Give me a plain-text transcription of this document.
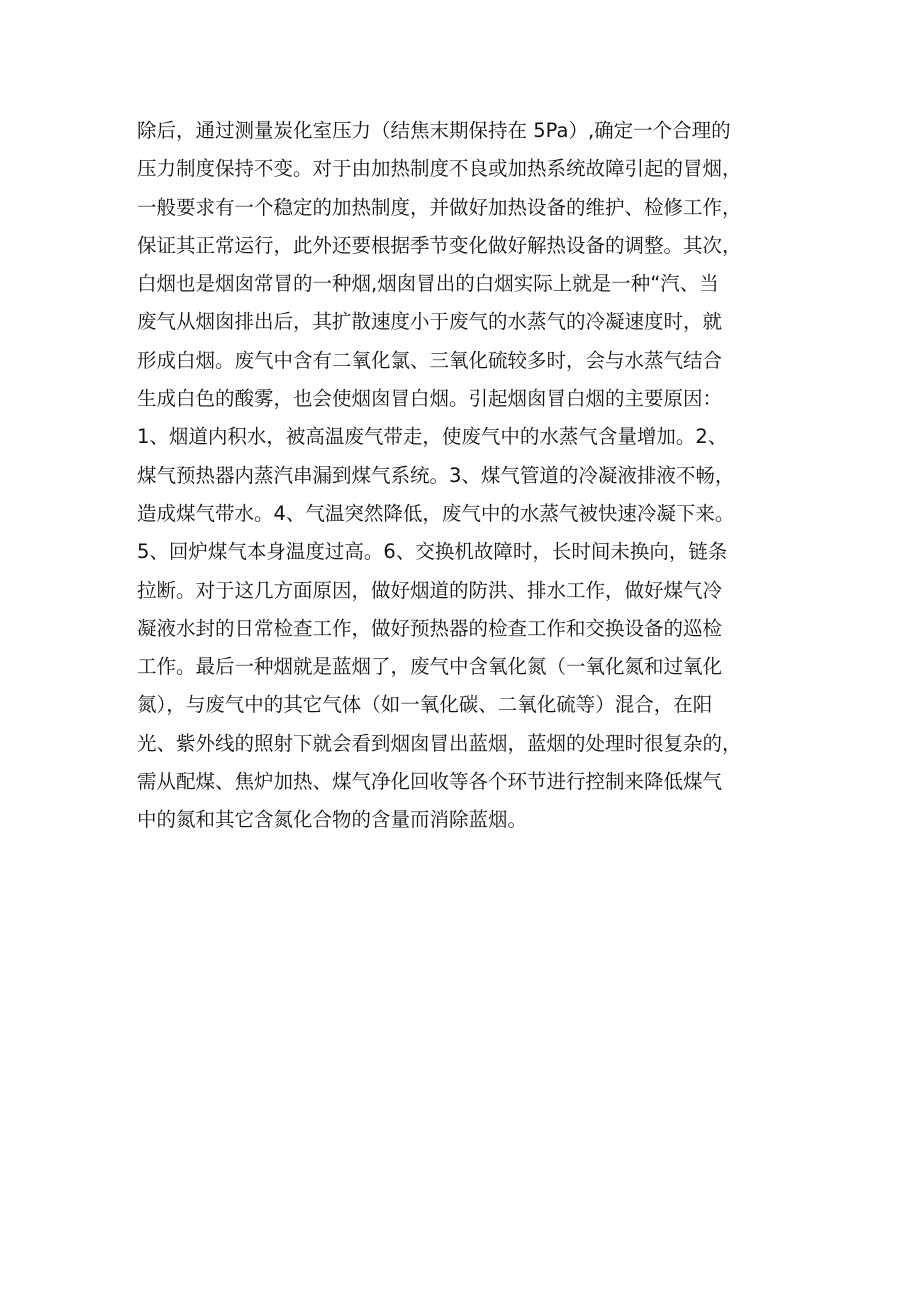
除后，通过测量炭化室压力（结焦末期保持在 5Pa）,确定一个合理的
压力制度保持不变。对于由加热制度不良或加热系统故障引起的冒烟，
一般要求有一个稳定的加热制度，并做好加热设备的维护、检修工作，
保证其正常运行，此外还要根据季节变化做好解热设备的调整。其次，
白烟也是烟囱常冒的一种烟,烟囱冒出的白烟实际上就是一种“汽、当
废气从烟囱排出后，其扩散速度小于废气的水蒸气的冷凝速度时，就
形成白烟。废气中含有二氧化氯、三氧化硫较多时，会与水蒸气结合
生成白色的酸雾，也会使烟囱冒白烟。引起烟囱冒白烟的主要原因：
1、烟道内积水，被高温废气带走，使废气中的水蒸气含量增加。2、
煤气预热器内蒸汽串漏到煤气系统。3、煤气管道的冷凝液排液不畅，
造成煤气带水。4、气温突然降低，废气中的水蒸气被快速冷凝下来。
5、回炉煤气本身温度过高。6、交换机故障时，长时间未换向，链条
拉断。对于这几方面原因，做好烟道的防洪、排水工作，做好煤气冷
凝液水封的日常检查工作，做好预热器的检查工作和交换设备的巡检
工作。最后一种烟就是蓝烟了，废气中含氧化氮（一氧化氮和过氧化
氮），与废气中的其它气体（如一氧化碳、二氧化硫等）混合，在阳
光、紫外线的照射下就会看到烟囱冒出蓝烟，蓝烟的处理时很复杂的，
需从配煤、焦炉加热、煤气净化回收等各个环节进行控制来降低煤气
中的氮和其它含氮化合物的含量而消除蓝烟。
